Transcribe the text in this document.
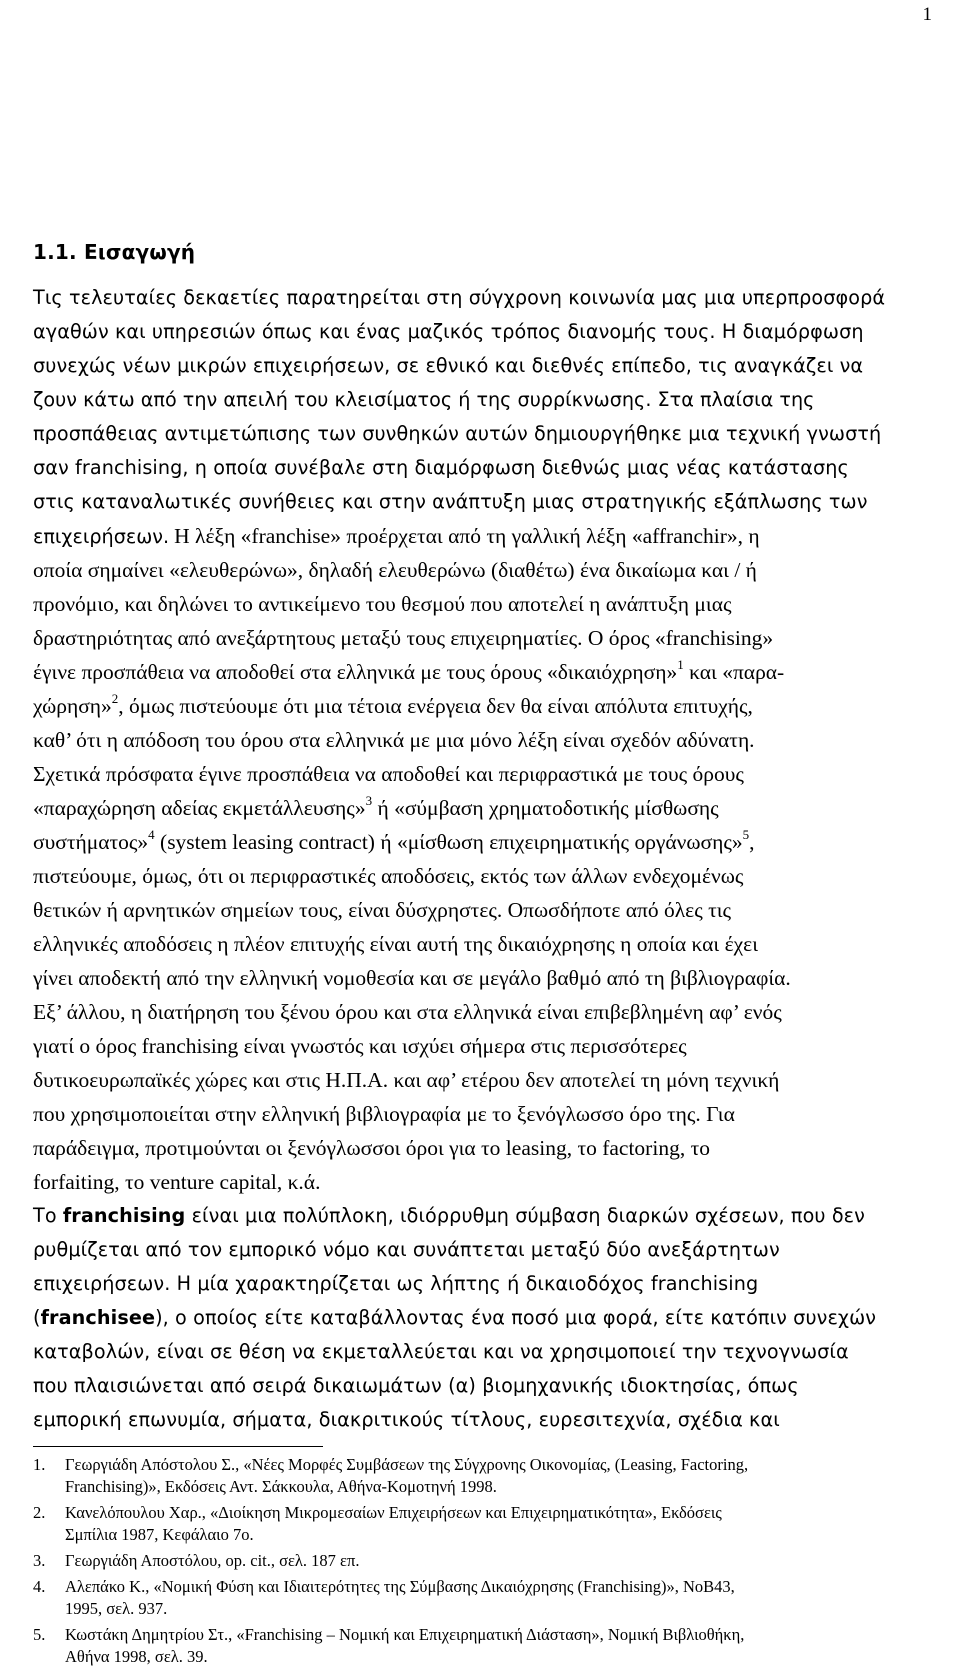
1
1.1. Εισαγωγή
Τις τελευταίες δεκαετίες παρατηρείται στη σύγχρονη κοινωνία μας μια υπερπροσφορά
αγαθών και υπηρεσιών όπως και ένας μαζικός τρόπος διανομής τους. Η διαμόρφωση
συνεχώς νέων μικρών επιχειρήσεων, σε εθνικό και διεθνές επίπεδο, τις αναγκάζει να
ζουν κάτω από την απειλή του κλεισίματος ή της συρρίκνωσης. Στα πλαίσια της
προσπάθειας αντιμετώπισης των συνθηκών αυτών δημιουργήθηκε μια τεχνική γνωστή
σαν franchising, η οποία συνέβαλε στη διαμόρφωση διεθνώς μιας νέας κατάστασης
στις καταναλωτικές συνήθειες και στην ανάπτυξη μιας στρατηγικής εξάπλωσης των
επιχειρήσεων. Η λέξη «franchise» προέρχεται από τη γαλλική λέξη «affranchir», η
οποία σημαίνει «ελευθερώνω», δηλαδή ελευθερώνω (διαθέτω) ένα δικαίωμα και / ή
προνόμιο, και δηλώνει το αντικείμενο του θεσμού που αποτελεί η ανάπτυξη μιας
δραστηριότητας από ανεξάρτητους μεταξύ τους επιχειρηματίες. Ο όρος «franchising»
έγινε προσπάθεια να αποδοθεί στα ελληνικά με τους όρους «δικαιόχρηση»$^1$ και «παρα-
χώρηση»$^2$, όμως πιστεύουμε ότι μια τέτοια ενέργεια δεν θα είναι απόλυτα επιτυχής,
καθ’ ότι η απόδοση του όρου στα ελληνικά με μια μόνο λέξη είναι σχεδόν αδύνατη.
Σχετικά πρόσφατα έγινε προσπάθεια να αποδοθεί και περιφραστικά με τους όρους
«παραχώρηση αδείας εκμετάλλευσης»$^3$ ή «σύμβαση χρηματοδοτικής μίσθωσης
συστήματος»$^4$ (system leasing contract) ή «μίσθωση επιχειρηματικής οργάνωσης»$^5$,
πιστεύουμε, όμως, ότι οι περιφραστικές αποδόσεις, εκτός των άλλων ενδεχομένως
θετικών ή αρνητικών σημείων τους, είναι δύσχρηστες. Οπωσδήποτε από όλες τις
ελληνικές αποδόσεις η πλέον επιτυχής είναι αυτή της δικαιόχρησης η οποία και έχει
γίνει αποδεκτή από την ελληνική νομοθεσία και σε μεγάλο βαθμό από τη βιβλιογραφία.
Εξ’ άλλου, η διατήρηση του ξένου όρου και στα ελληνικά είναι επιβεβλημένη αφ’ ενός
γιατί ο όρος franchising είναι γνωστός και ισχύει σήμερα στις περισσότερες
δυτικοευρωπαϊκές χώρες και στις Η.Π.Α. και αφ’ ετέρου δεν αποτελεί τη μόνη τεχνική
που χρησιμοποιείται στην ελληνική βιβλιογραφία με το ξενόγλωσσο όρο της. Για
παράδειγμα, προτιμούνται οι ξενόγλωσσοι όροι για το leasing, το factoring, το
forfaiting, το venture capital, κ.ά.
Το franchising είναι μια πολύπλοκη, ιδιόρρυθμη σύμβαση διαρκών σχέσεων, που δεν
ρυθμίζεται από τον εμπορικό νόμο και συνάπτεται μεταξύ δύο ανεξάρτητων
επιχειρήσεων. Η μία χαρακτηρίζεται ως λήπτης ή δικαιοδόχος franchising
(franchisee), ο οποίος είτε καταβάλλοντας ένα ποσό μια φορά, είτε κατόπιν συνεχών
καταβολών, είναι σε θέση να εκμεταλλεύεται και να χρησιμοποιεί την τεχνογνωσία
που πλαισιώνεται από σειρά δικαιωμάτων (α) βιομηχανικής ιδιοκτησίας, όπως
εμπορική επωνυμία, σήματα, διακριτικούς τίτλους, ευρεσιτεχνία, σχέδια και
1. Γεωργιάδη Απόστολου Σ., «Νέες Μορφές Συμβάσεων της Σύγχρονης Οικονομίας, (Leasing, Factoring,
Franchising)», Εκδόσεις Αντ. Σάκκουλα, Αθήνα-Κομοτηνή 1998.
2. Κανελόπουλου Χαρ., «Διοίκηση Μικρομεσαίων Επιχειρήσεων και Επιχειρηματικότητα», Εκδόσεις
Σμπίλια 1987, Κεφάλαιο 7ο.
3. Γεωργιάδη Αποστόλου, op. cit., σελ. 187 επ.
4. Αλεπάκο Κ., «Νομική Φύση και Ιδιαιτερότητες της Σύμβασης Δικαιόχρησης (Franchising)», ΝοΒ43,
1995, σελ. 937.
5. Κωστάκη Δημητρίου Στ., «Franchising – Νομική και Επιχειρηματική Διάσταση», Νομική Βιβλιοθήκη,
Αθήνα 1998, σελ. 39.
